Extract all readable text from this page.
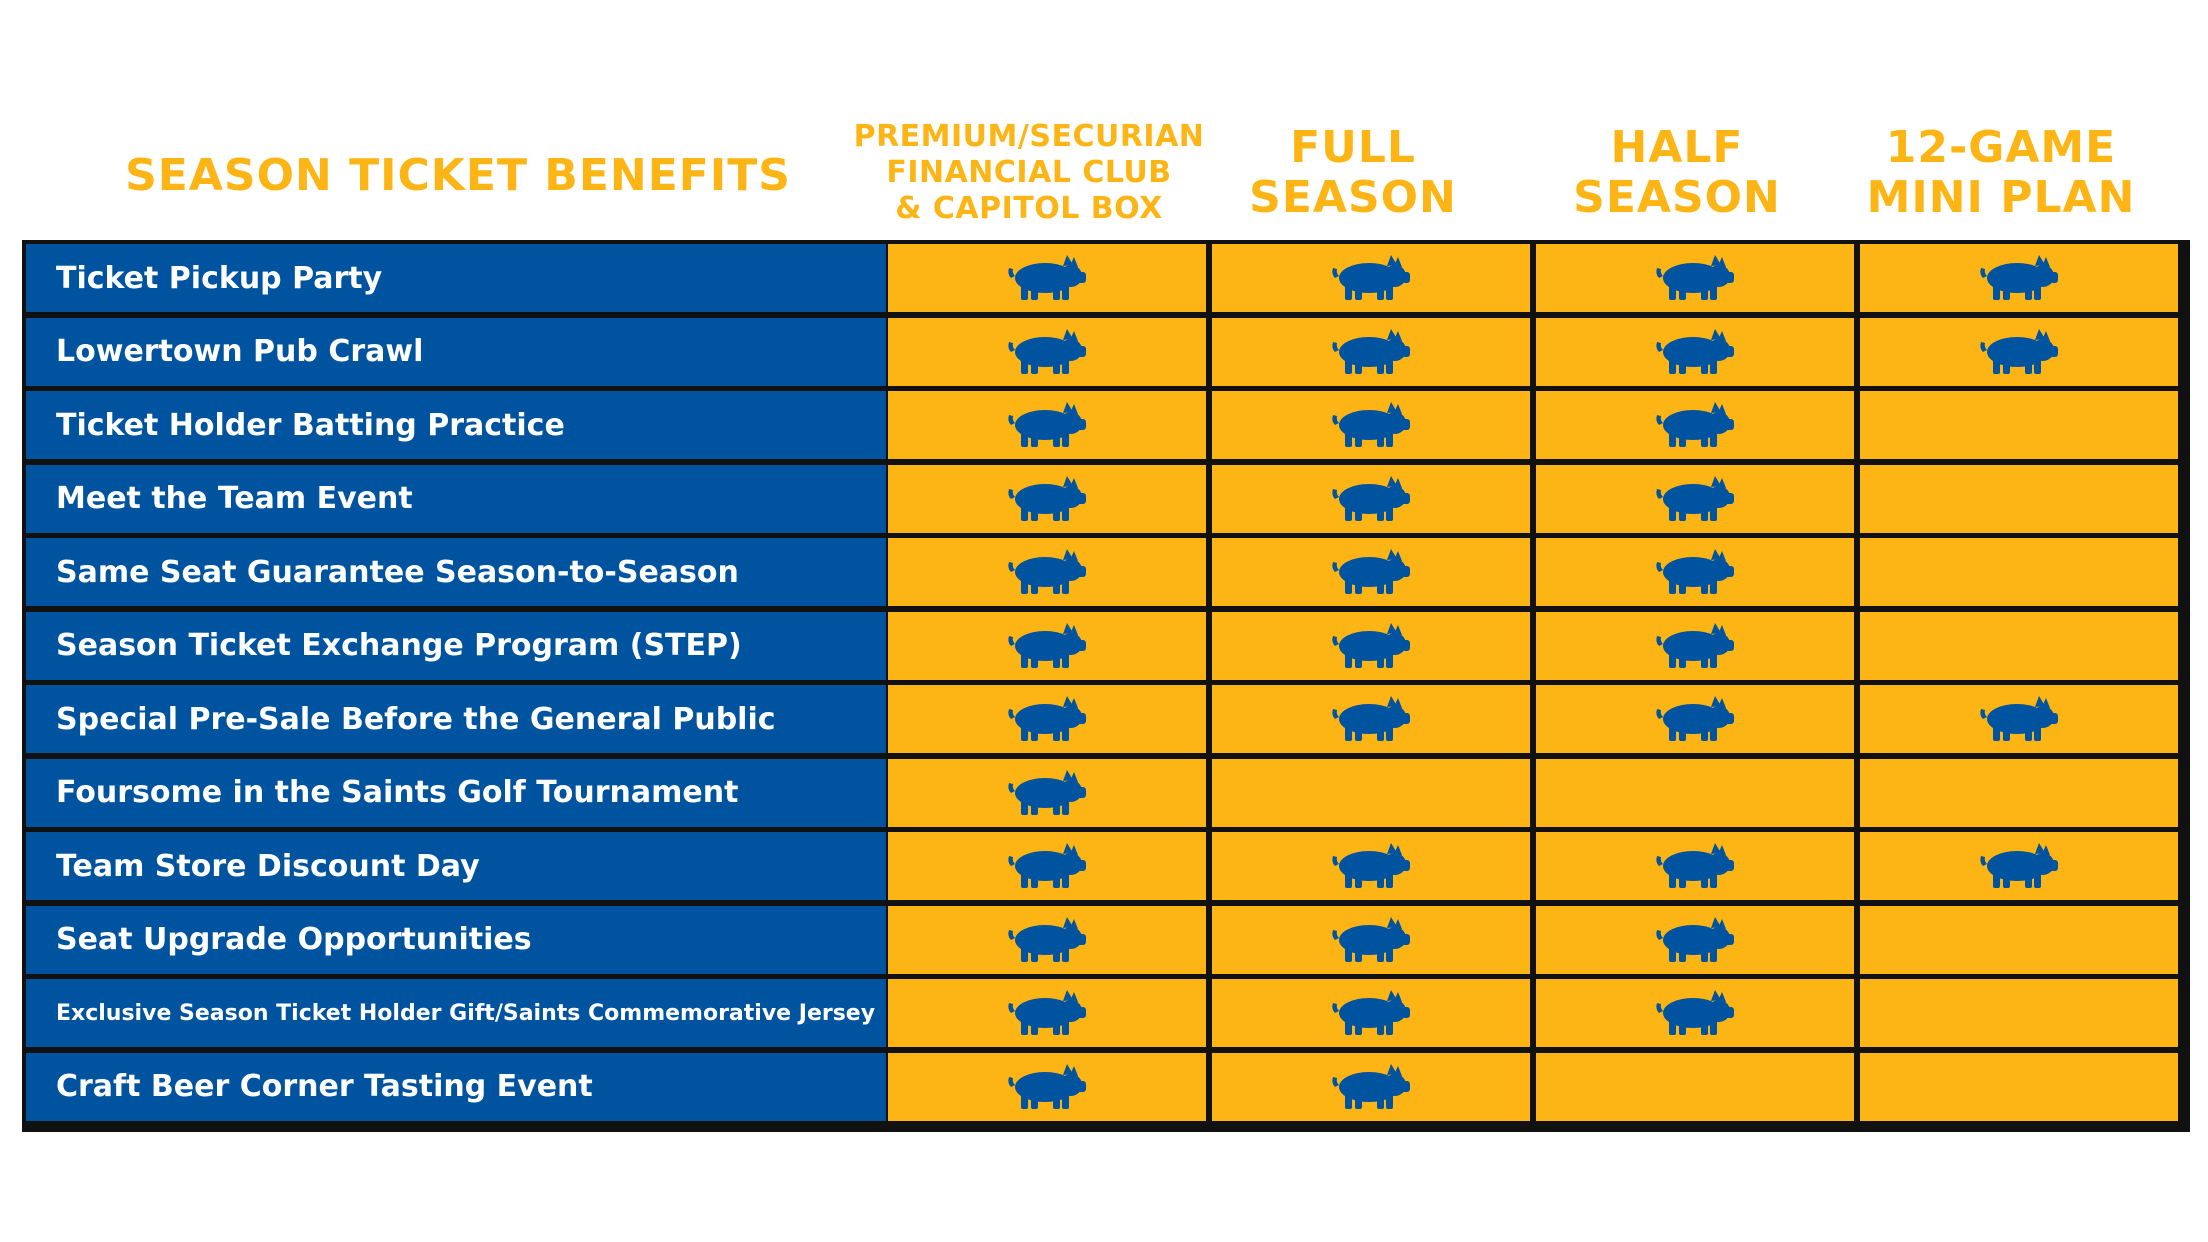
SEASON TICKET BENEFITS
PREMIUM/SECURIAN
FINANCIAL CLUB
& CAPITOL BOX
FULL
SEASON
HALF
SEASON
12-GAME
MINI PLAN
Ticket Pickup Party
Lowertown Pub Crawl
Ticket Holder Batting Practice
Meet the Team Event
Same Seat Guarantee Season-to-Season
Season Ticket Exchange Program (STEP)
Special Pre-Sale Before the General Public
Foursome in the Saints Golf Tournament
Team Store Discount Day
Seat Upgrade Opportunities
Exclusive Season Ticket Holder Gift/Saints Commemorative Jersey
Craft Beer Corner Tasting Event
